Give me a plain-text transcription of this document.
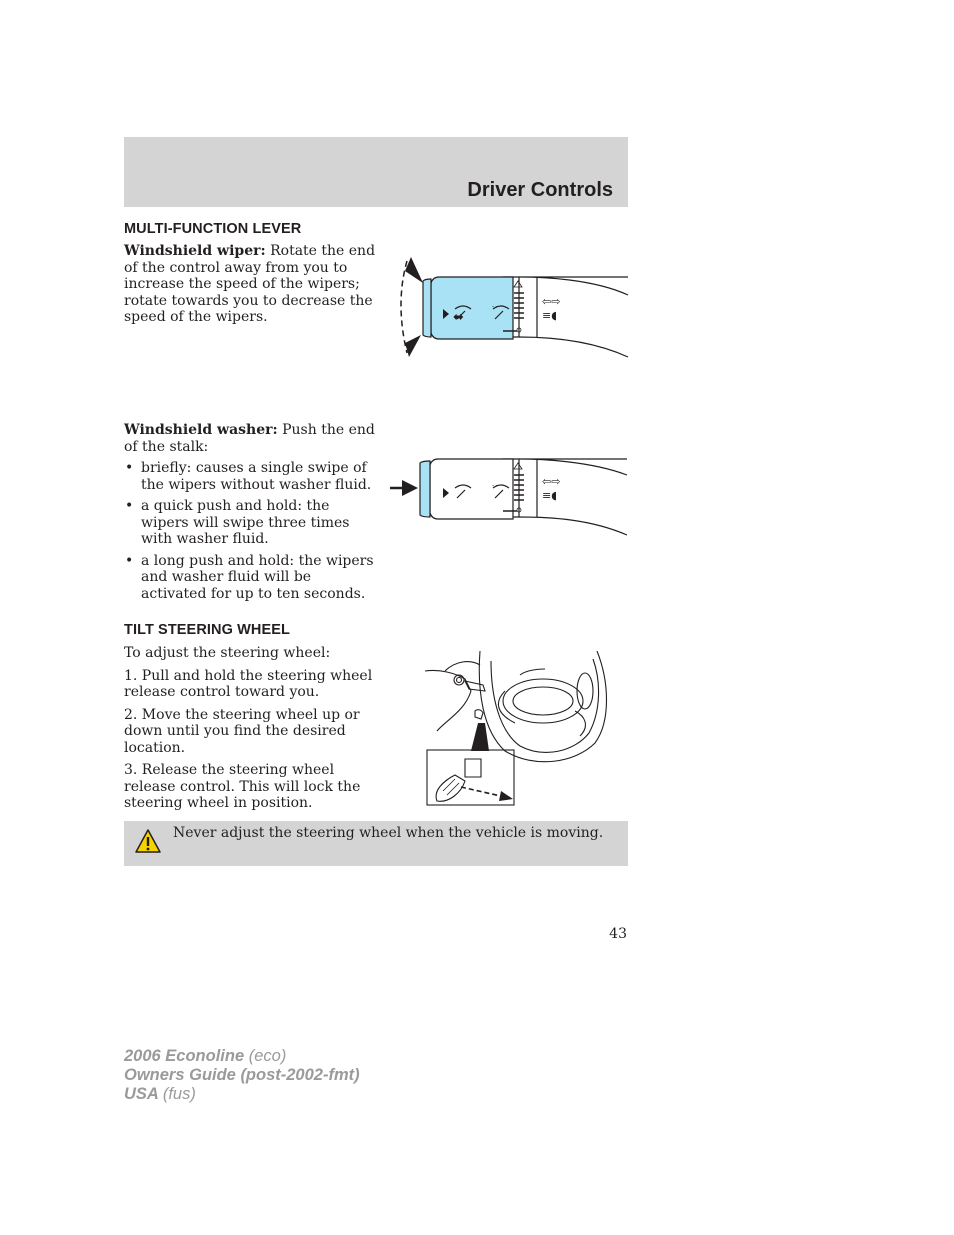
Driver Controls
MULTI-FUNCTION LEVER

Windshield wiper: Rotate the end of the control away from you to increase the speed of the wipers; rotate towards you to decrease the speed of the wipers.	⬌
- - -	⇦⇨
≡◖

Windshield washer: Push the end of the stalk:

• briefly: causes a single swipe of the wipers without washer fluid.
• a quick push and hold: the wipers will swipe three times with washer fluid.
• a long push and hold: the wipers and washer fluid will be activated for up to ten seconds.
- - -	⇦⇨
≡◖
TILT STEERING WHEEL

To adjust the steering wheel:

1. Pull and hold the steering wheel release control toward you.

2. Move the steering wheel up or down until you find the desired location.

3. Release the steering wheel release control. This will lock the steering wheel in position.

Never adjust the steering wheel when the vehicle is moving.
43
2006 Econoline (eco)
Owners Guide (post-2002-fmt)
USA (fus)
